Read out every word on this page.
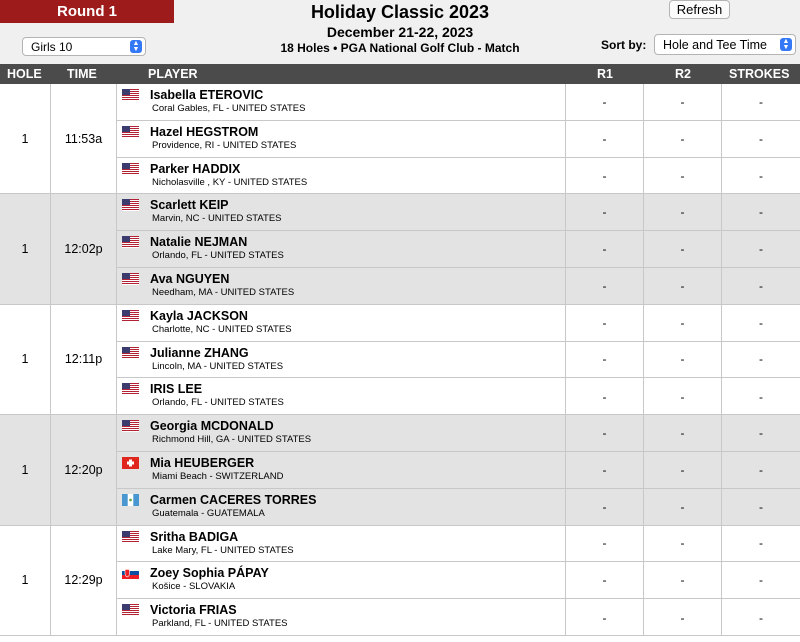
Round 1	Holiday Classic 2023
December 21-22, 2023
18 Holes • PGA National Golf Club - Match
Refresh
Girls 10	▲
▼	Sort by: Hole and Tee Time	▲
▼
HOLE TIME	PLAYER	R1	R2	STROKES
1	11:53a
Isabella ETEROVIC
Coral Gables, FL - UNITED STATES	-	-	-
Hazel HEGSTROM
Providence, RI - UNITED STATES	-	-	-
Parker HADDIX
Nicholasville , KY - UNITED STATES	-	-	-
1	12:02p
Scarlett KEIP
Marvin, NC - UNITED STATES	-	-	-
Natalie NEJMAN
Orlando, FL - UNITED STATES	-	-	-
Ava NGUYEN
Needham, MA - UNITED STATES	-	-	-
1	12:11p
Kayla JACKSON
Charlotte, NC - UNITED STATES	-	-	-
Julianne ZHANG
Lincoln, MA - UNITED STATES	-	-	-
IRIS LEE
Orlando, FL - UNITED STATES	-	-	-
1	12:20p
Georgia MCDONALD
Richmond Hill, GA - UNITED STATES	-	-	-
Mia HEUBERGER
Miami Beach - SWITZERLAND	-	-	-
Carmen CACERES TORRES
Guatemala - GUATEMALA	-	-	-
1	12:29p
Sritha BADIGA
Lake Mary, FL - UNITED STATES	-	-	-
Zoey Sophia PÁPAY
Košice - SLOVAKIA	-	-	-
Victoria FRIAS
Parkland, FL - UNITED STATES	-	-	-
